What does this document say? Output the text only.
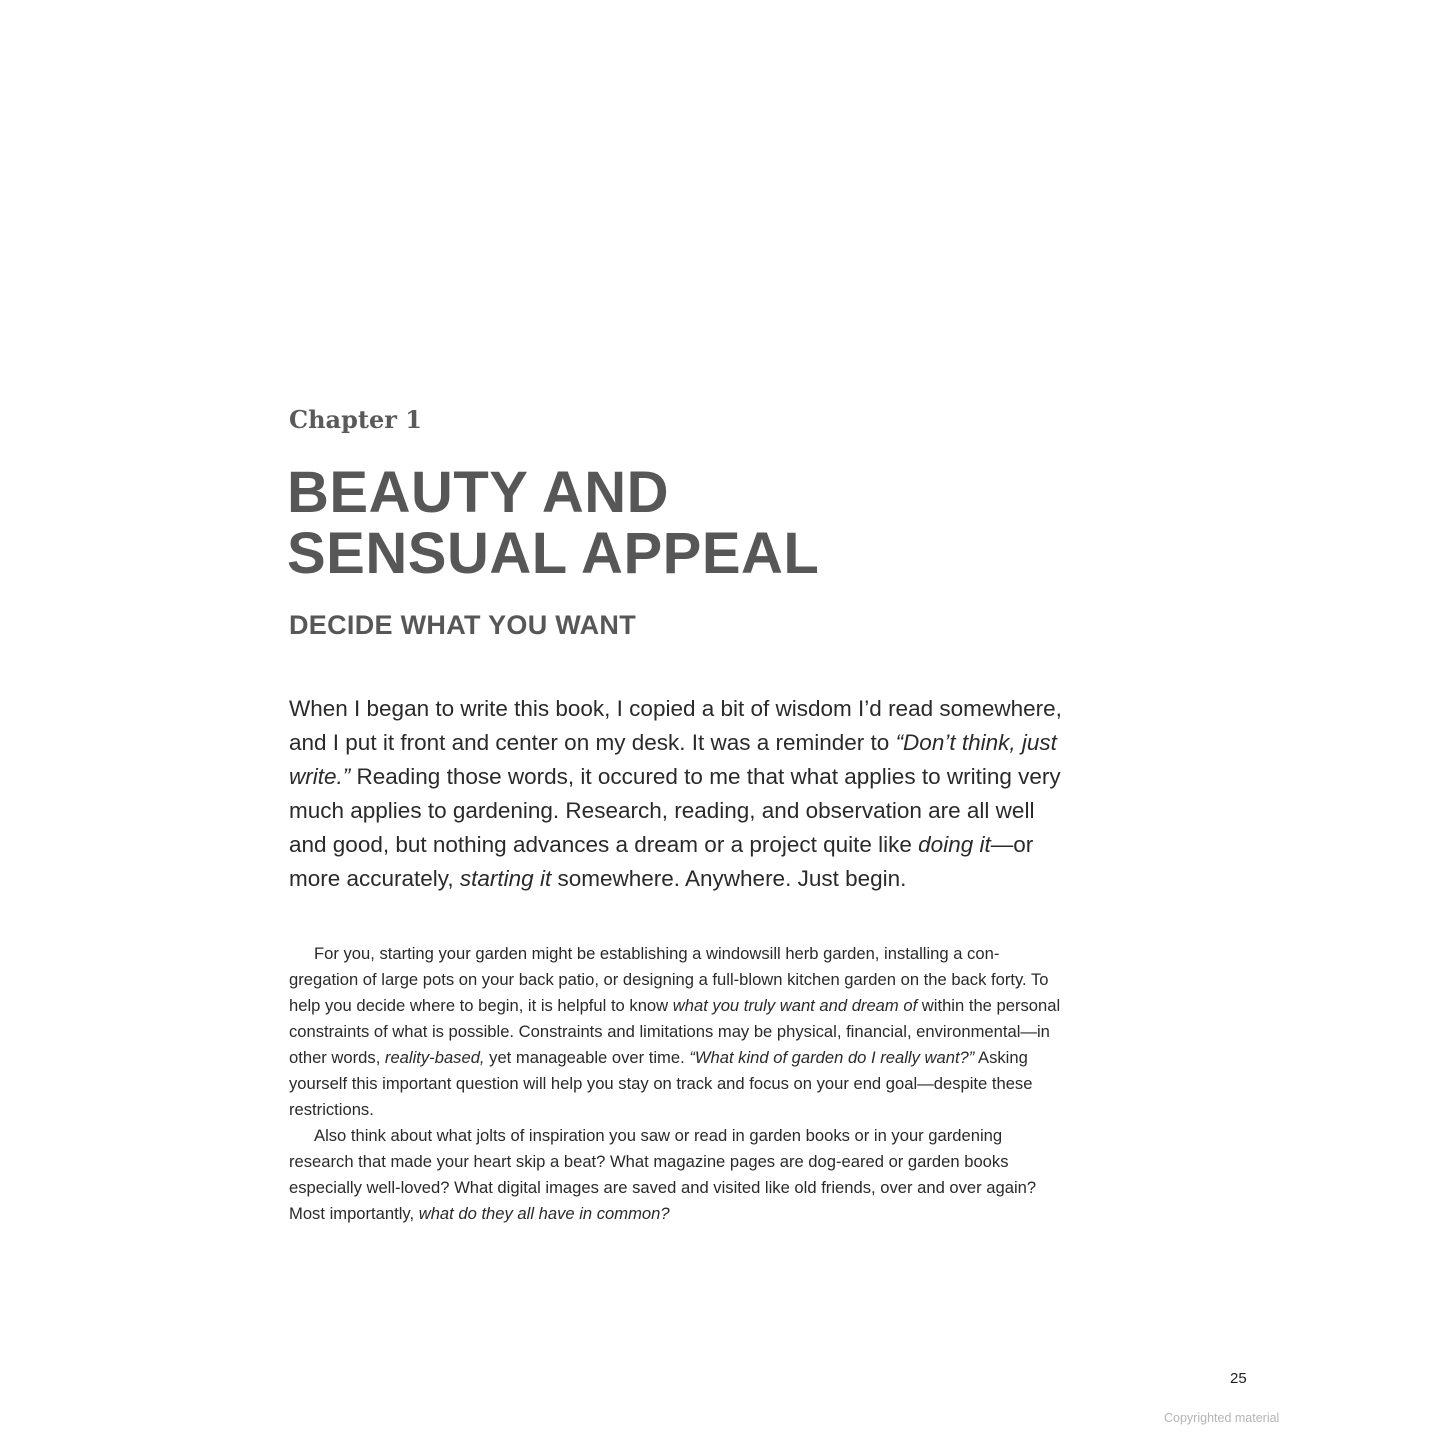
Chapter 1
BEAUTY AND
SENSUAL APPEAL
DECIDE WHAT YOU WANT

When I began to write this book, I copied a bit of wisdom I’d read somewhere, and I put it front and center on my desk. It was a reminder to “Don’t think, just write.” Reading those words, it occured to me that what applies to writing very much applies to gardening. Research, reading, and observation are all well and good, but nothing advances a dream or a project quite like doing it—or more accurately, starting it somewhere. Anywhere. Just begin.

For you, starting your garden might be establishing a windowsill herb garden, installing a congregation of large pots on your back patio, or designing a full-blown kitchen garden on the back forty. To help you decide where to begin, it is helpful to know what you truly want and dream of within the personal constraints of what is possible. Constraints and limitations may be physical, financial, environmental—in other words, reality-based, yet manageable over time. “What kind of garden do I really want?” Asking yourself this important question will help you stay on track and focus on your end goal—despite these restrictions.

Also think about what jolts of inspiration you saw or read in garden books or in your gardening research that made your heart skip a beat? What magazine pages are dog-eared or garden books especially well-loved? What digital images are saved and visited like old friends, over and over again? Most importantly, what do they all have in common?

25
Copyrighted material
